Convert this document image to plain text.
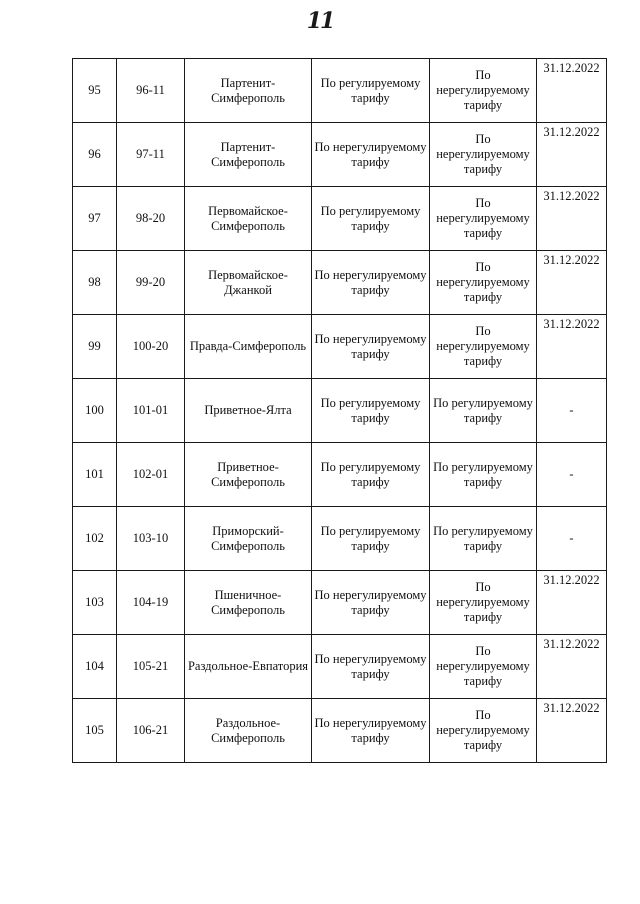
11
95	96-11	Партенит-Симферополь	По регулируемому тарифу	По нерегулируемому тарифу	31.12.2022
96	97-11	Партенит-Симферополь	По нерегулируемому тарифу	По нерегулируемому тарифу	31.12.2022
97	98-20	Первомайское-Симферополь	По регулируемому тарифу	По нерегулируемому тарифу	31.12.2022
98	99-20	Первомайское-Джанкой	По нерегулируемому тарифу	По нерегулируемому тарифу	31.12.2022
99	100-20	Правда-Симферополь	По нерегулируемому тарифу	По нерегулируемому тарифу	31.12.2022
100	101-01	Приветное-Ялта	По регулируемому тарифу	По регулируемому тарифу	-
101	102-01	Приветное-Симферополь	По регулируемому тарифу	По регулируемому тарифу	-
102	103-10	Приморский-Симферополь	По регулируемому тарифу	По регулируемому тарифу	-
103	104-19	Пшеничное-Симферополь	По нерегулируемому тарифу	По нерегулируемому тарифу	31.12.2022
104	105-21	Раздольное-Евпатория	По нерегулируемому тарифу	По нерегулируемому тарифу	31.12.2022
105	106-21	Раздольное-Симферополь	По нерегулируемому тарифу	По нерегулируемому тарифу	31.12.2022
